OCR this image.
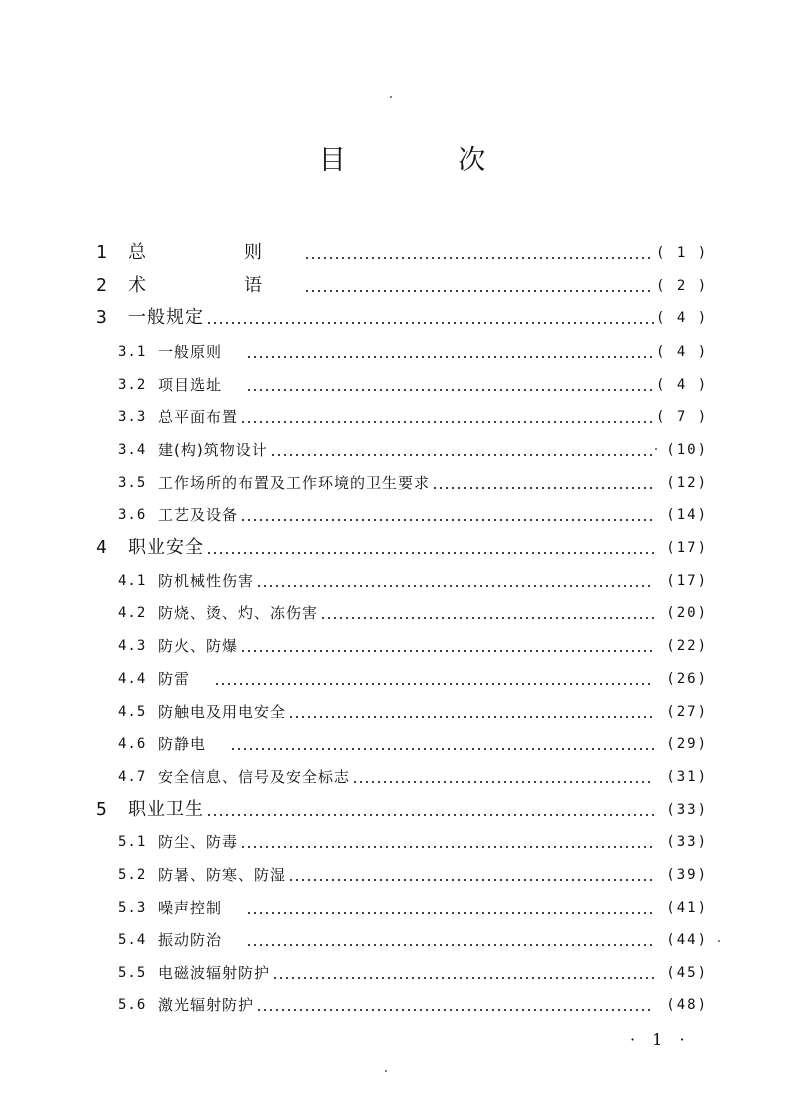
目 次
1	总　则	( 1 )
2	术　语	( 2 )
3	一般规定	( 4 )
3.1 一般原则	( 4 )
3.2 项目选址	( 4 )
3.3 总平面布置	( 7 )
3.4 建(构)筑物设计	(10)
3.5 工作场所的布置及工作环境的卫生要求	(12)
3.6 工艺及设备	(14)
4	职业安全	(17)
4.1 防机械性伤害	(17)
4.2 防烧、烫、灼、冻伤害	(20)
4.3 防火、防爆	(22)
4.4 防雷	(26)
4.5 防触电及用电安全	(27)
4.6 防静电	(29)
4.7 安全信息、信号及安全标志	(31)
5	职业卫生	(33)
5.1 防尘、防毒	(33)
5.2 防暑、防寒、防湿	(39)
5.3 噪声控制	(41)
5.4 振动防治	(44)
5.5 电磁波辐射防护	(45)
5.6 激光辐射防护	(48)
· 1 ·
